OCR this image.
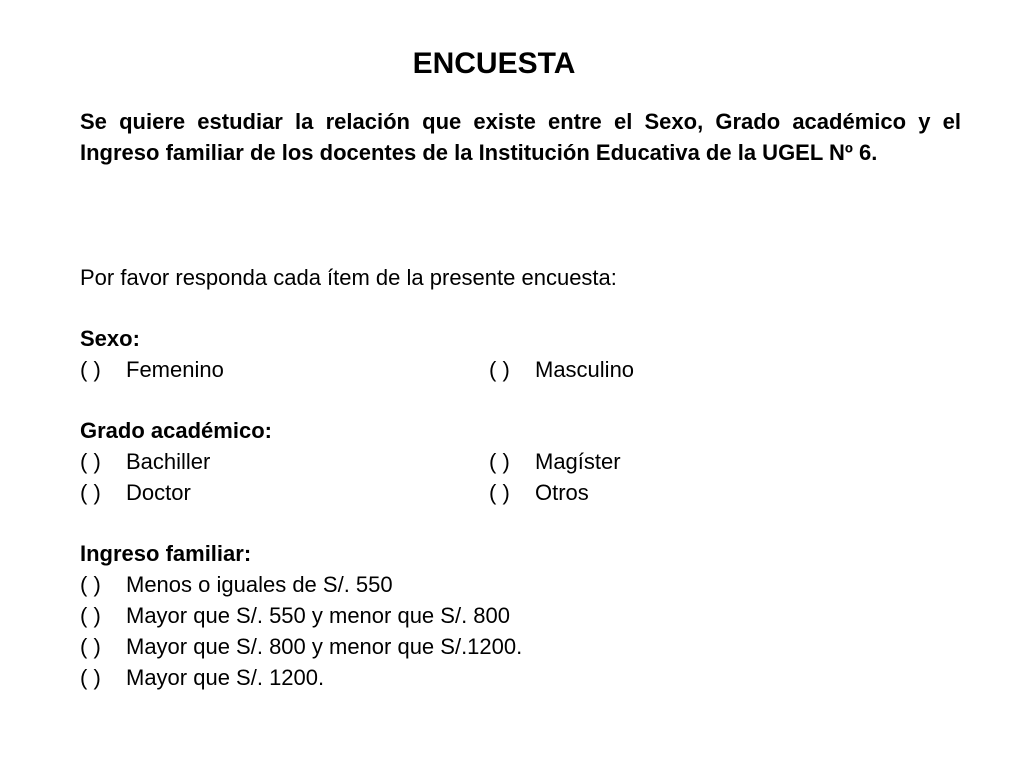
ENCUESTA

Se quiere estudiar la relación que existe entre el Sexo, Grado académico y el Ingreso familiar de los docentes de la Institución Educativa de la UGEL Nº 6.

Por favor responda cada ítem de la presente encuesta:
Sexo:
( ) Femenino	( ) Masculino
Grado académico:
( ) Bachiller	( ) Magíster
( ) Doctor	( ) Otros
Ingreso familiar:
( ) Menos o iguales de S/. 550
( ) Mayor que S/. 550 y menor que S/. 800
( ) Mayor que S/. 800 y menor que S/.1200.
( ) Mayor que S/. 1200.
